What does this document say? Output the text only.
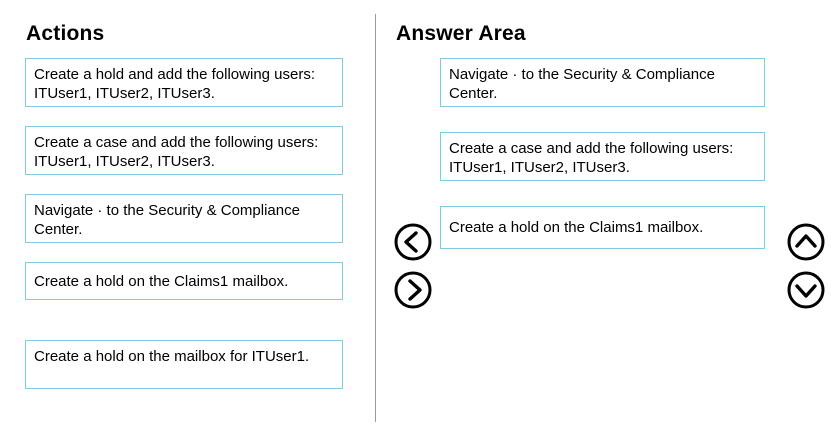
Actions	Answer Area
Create a hold and add the following users: ITUser1, ITUser2, ITUser3.
Create a case and add the following users: ITUser1, ITUser2, ITUser3.
Navigate · to the Security & Compliance Center.
Create a hold on the Claims1 mailbox.
Create a hold on the mailbox for ITUser1.
Navigate · to the Security & Compliance Center.
Create a case and add the following users: ITUser1, ITUser2, ITUser3.
Create a hold on the Claims1 mailbox.
